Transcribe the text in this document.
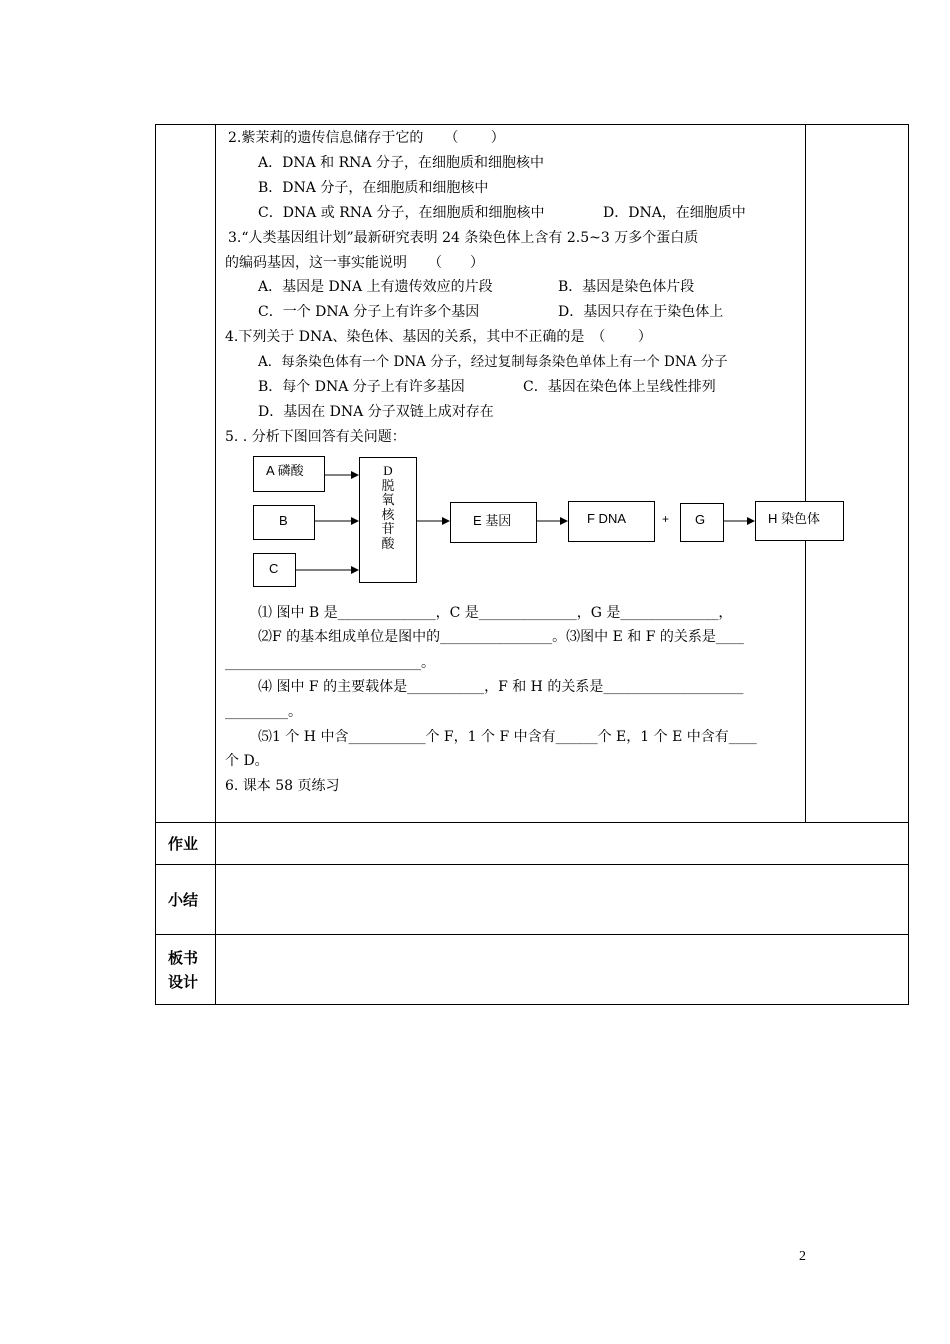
2.紫茉莉的遗传信息储存于它的　　（　　 ）
A．DNA 和 RNA 分子，在细胞质和细胞核中
B．DNA 分子，在细胞质和细胞核中
C．DNA 或 RNA 分子，在细胞质和细胞核中	D．DNA，在细胞质中
3.“人类基因组计划”最新研究表明 24 条染色体上含有 2.5~3 万多个蛋白质
的编码基因，这一事实能说明　　（　　）
A．基因是 DNA 上有遗传效应的片段	B．基因是染色体片段
C．一个 DNA 分子上有许多个基因	D．基因只存在于染色体上
4.下列关于 DNA、染色体、基因的关系，其中不正确的是　（　　 ）
A．每条染色体有一个 DNA 分子，经过复制每条染色单体上有一个 DNA 分子
B．每个 DNA 分子上有许多基因	C．基因在染色体上呈线性排列
D．基因在 DNA 分子双链上成对存在
5. . 分析下图回答有关问题：
A 磷酸
B
C
D
脱
氧
核
苷
酸
E 基因	F DNA	+ G	H 染色体
⑴ 图中 B 是______________，C 是______________，G 是______________，
⑵F 的基本组成单位是图中的________________。⑶图中 E 和 F 的关系是____
____________________________。
⑷ 图中 F 的主要载体是___________，F 和 H 的关系是____________________
_________。
⑸1 个 H 中含___________个 F，1 个 F 中含有______个 E，1 个 E 中含有____
个 D。
6. 课本 58 页练习
作业
小结
板书
设计
2
